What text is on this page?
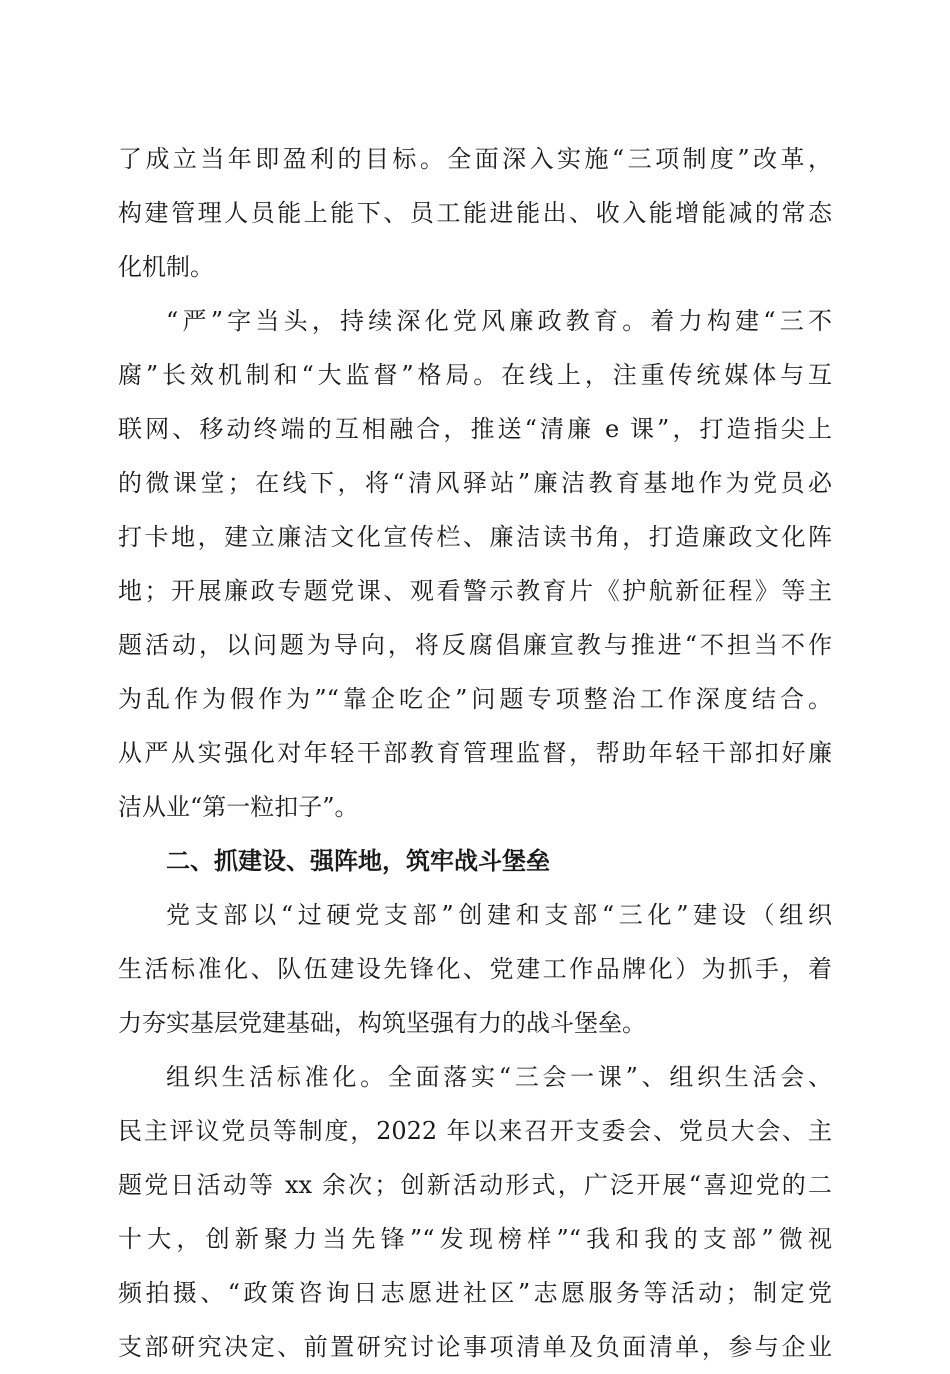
了成立当年即盈利的目标。全面深入实施“三项制度”改革，
构建管理人员能上能下、员工能进能出、收入能增能减的常态
化机制。
“严”字当头，持续深化党风廉政教育。着力构建“三不
腐”长效机制和“大监督”格局。在线上，注重传统媒体与互
联网、移动终端的互相融合，推送“清廉 e 课”，打造指尖上
的微课堂；在线下，将“清风驿站”廉洁教育基地作为党员必
打卡地，建立廉洁文化宣传栏、廉洁读书角，打造廉政文化阵
地；开展廉政专题党课、观看警示教育片《护航新征程》等主
题活动，以问题为导向，将反腐倡廉宣教与推进“不担当不作
为乱作为假作为”“靠企吃企”问题专项整治工作深度结合。
从严从实强化对年轻干部教育管理监督，帮助年轻干部扣好廉
洁从业“第一粒扣子”。
二、抓建设、强阵地，筑牢战斗堡垒
党支部以“过硬党支部”创建和支部“三化”建设（组织
生活标准化、队伍建设先锋化、党建工作品牌化）为抓手，着
力夯实基层党建基础，构筑坚强有力的战斗堡垒。
组织生活标准化。全面落实“三会一课”、组织生活会、
民主评议党员等制度，2022 年以来召开支委会、党员大会、主
题党日活动等 xx 余次；创新活动形式，广泛开展“喜迎党的二
十大，创新聚力当先锋”“发现榜样”“我和我的支部”微视
频拍摄、“政策咨询日志愿进社区”志愿服务等活动；制定党
支部研究决定、前置研究讨论事项清单及负面清单，参与企业
